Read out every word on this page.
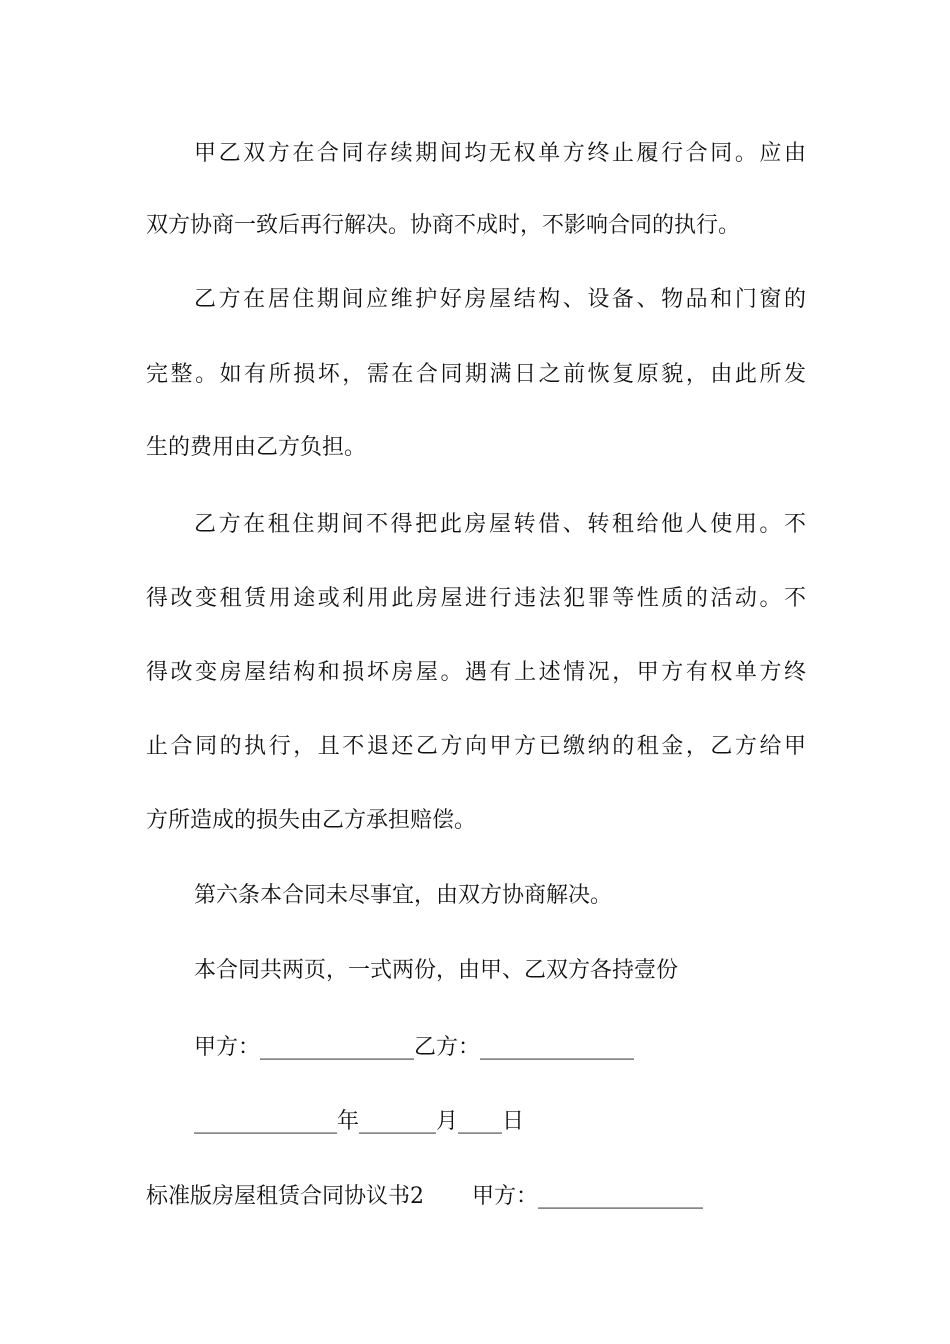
甲乙双方在合同存续期间均无权单方终止履行合同。应由
双方协商一致后再行解决。协商不成时，不影响合同的执行。
乙方在居住期间应维护好房屋结构、设备、物品和门窗的
完整。如有所损坏，需在合同期满日之前恢复原貌，由此所发
生的费用由乙方负担。
乙方在租住期间不得把此房屋转借、转租给他人使用。不
得改变租赁用途或利用此房屋进行违法犯罪等性质的活动。不
得改变房屋结构和损坏房屋。遇有上述情况，甲方有权单方终
止合同的执行，且不退还乙方向甲方已缴纳的租金，乙方给甲
方所造成的损失由乙方承担赔偿。
第六条本合同未尽事宜，由双方协商解决。
本合同共两页，一式两份，由甲、乙双方各持壹份
甲方：______________乙方：______________
_____________年_______月____日
标准版房屋租赁合同协议书2 甲方：_______________
